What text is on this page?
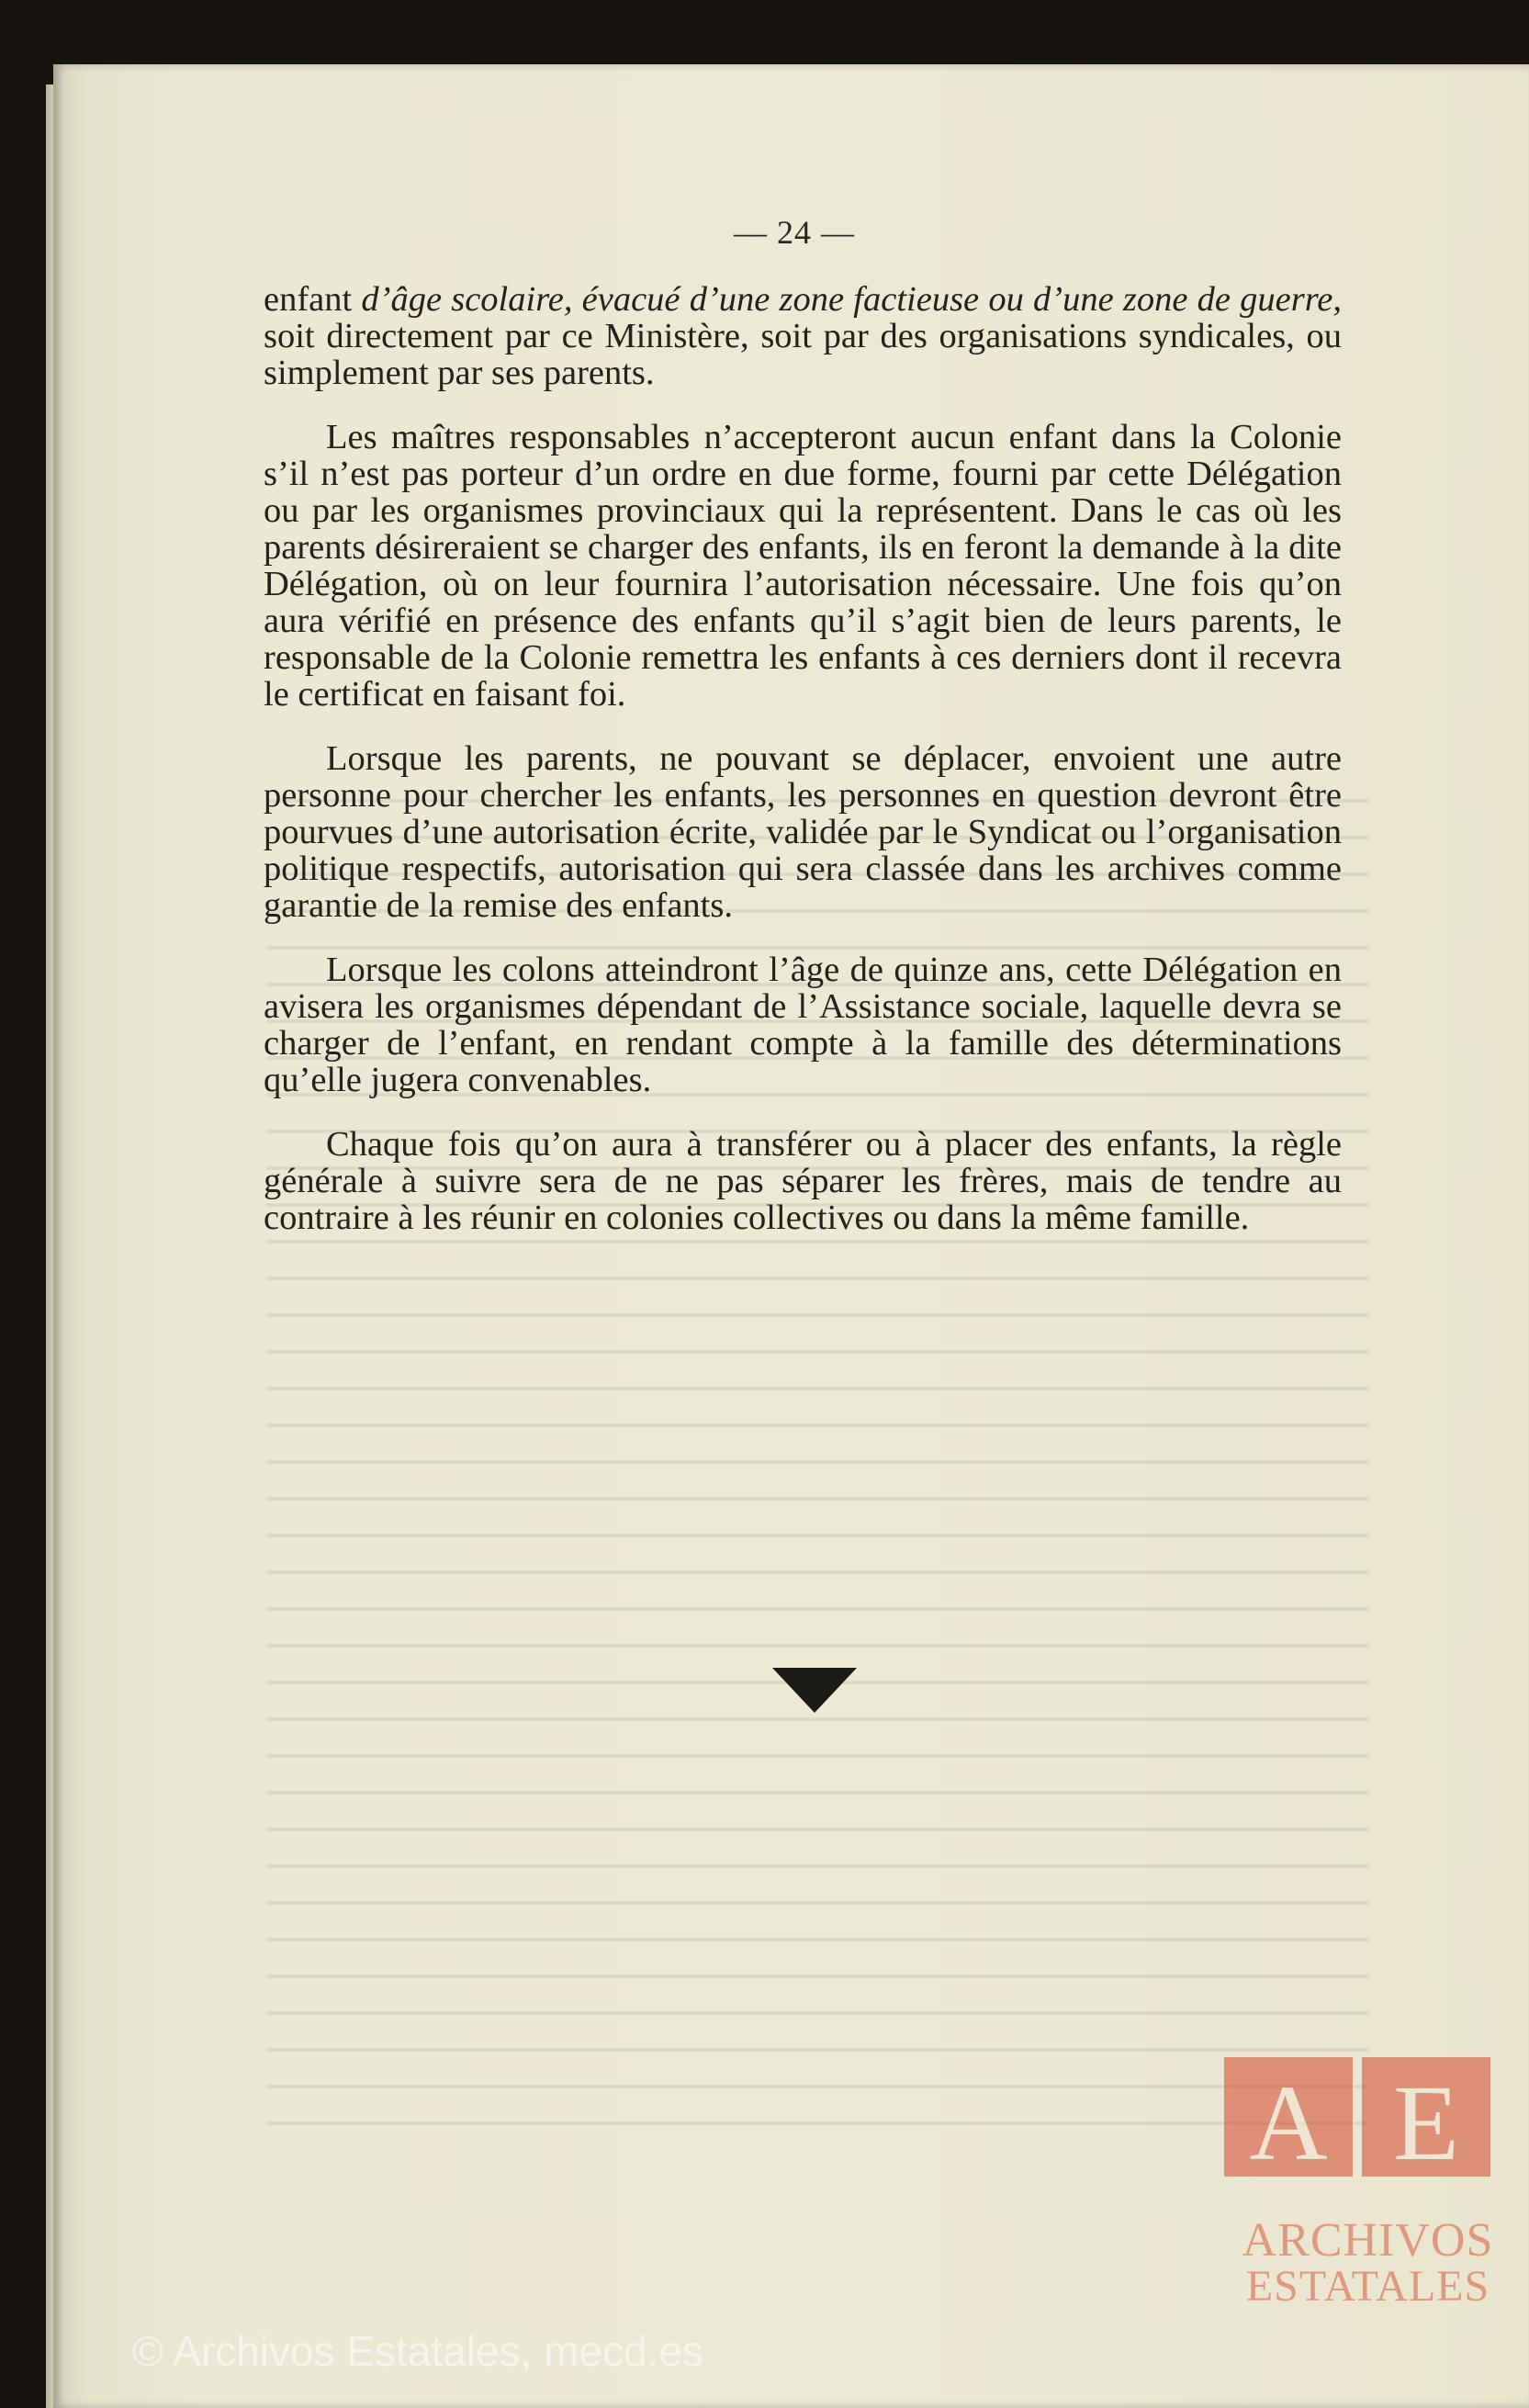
— 24 —

enfant d’âge scolaire, évacué d’une zone factieuse ou d’une zone de guerre, soit directement par ce Ministère, soit par des organisations syndicales, ou simplement par ses parents.

Les maîtres responsables n’accepteront aucun enfant dans la Colonie s’il n’est pas porteur d’un ordre en due forme, fourni par cette Délégation ou par les organismes provinciaux qui la représentent. Dans le cas où les parents désireraient se charger des enfants, ils en feront la demande à la dite Délégation, où on leur fournira l’autorisation nécessaire. Une fois qu’on aura vérifié en présence des enfants qu’il s’agit bien de leurs parents, le responsable de la Colonie remettra les enfants à ces derniers dont il recevra le certificat en faisant foi.

Lorsque les parents, ne pouvant se déplacer, envoient une autre personne pour chercher les enfants, les personnes en question devront être pourvues d’une autorisation écrite, validée par le Syndicat ou l’organisation politique respectifs, autorisation qui sera classée dans les archives comme garantie de la remise des enfants.

Lorsque les colons atteindront l’âge de quinze ans, cette Délégation en avisera les organismes dépendant de l’Assistance sociale, laquelle devra se charger de l’enfant, en rendant compte à la famille des déterminations qu’elle jugera convenables.

Chaque fois qu’on aura à transférer ou à placer des enfants, la règle générale à suivre sera de ne pas séparer les frères, mais de tendre au contraire à les réunir en colonies collectives ou dans la même famille.

© Archivos Estatales, mecd.es
A E
ARCHIVOS
ESTATALES
